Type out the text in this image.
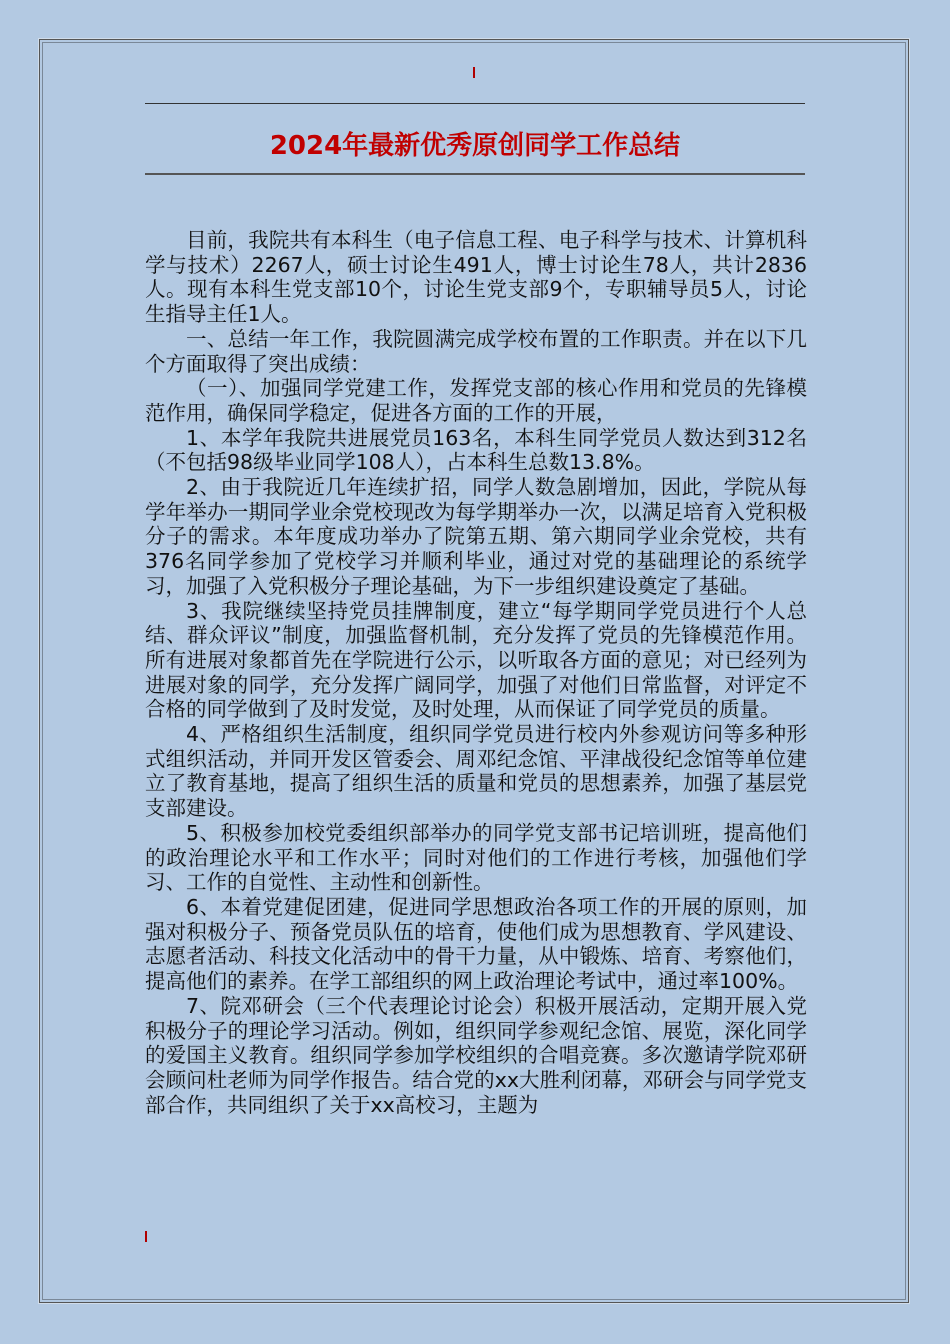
2024年最新优秀原创同学工作总结

目前，我院共有本科生（电子信息工程、电子科学与技术、计算机科学与技术）2267人，硕士讨论生491人，博士讨论生78人，共计2836人。现有本科生党支部10个，讨论生党支部9个，专职辅导员5人，讨论生指导主任1人。

一、总结一年工作，我院圆满完成学校布置的工作职责。并在以下几个方面取得了突出成绩：

（一）、加强同学党建工作，发挥党支部的核心作用和党员的先锋模范作用，确保同学稳定，促进各方面的工作的开展，

1、本学年我院共进展党员163名，本科生同学党员人数达到312名（不包括98级毕业同学108人），占本科生总数13.8%。

2、由于我院近几年连续扩招，同学人数急剧增加，因此，学院从每学年举办一期同学业余党校现改为每学期举办一次，以满足培育入党积极分子的需求。本年度成功举办了院第五期、第六期同学业余党校，共有376名同学参加了党校学习并顺利毕业，通过对党的基础理论的系统学习，加强了入党积极分子理论基础，为下一步组织建设奠定了基础。

3、我院继续坚持党员挂牌制度，建立“每学期同学党员进行个人总结、群众评议”制度，加强监督机制，充分发挥了党员的先锋模范作用。所有进展对象都首先在学院进行公示，以听取各方面的意见；对已经列为进展对象的同学，充分发挥广阔同学，加强了对他们日常监督，对评定不合格的同学做到了及时发觉，及时处理，从而保证了同学党员的质量。

4、严格组织生活制度，组织同学党员进行校内外参观访问等多种形式组织活动，并同开发区管委会、周邓纪念馆、平津战役纪念馆等单位建立了教育基地，提高了组织生活的质量和党员的思想素养，加强了基层党支部建设。

5、积极参加校党委组织部举办的同学党支部书记培训班，提高他们的政治理论水平和工作水平；同时对他们的工作进行考核，加强他们学习、工作的自觉性、主动性和创新性。

6、本着党建促团建，促进同学思想政治各项工作的开展的原则，加强对积极分子、预备党员队伍的培育，使他们成为思想教育、学风建设、志愿者活动、科技文化活动中的骨干力量，从中锻炼、培育、考察他们，提高他们的素养。在学工部组织的网上政治理论考试中，通过率100%。

7、院邓研会（三个代表理论讨论会）积极开展活动，定期开展入党积极分子的理论学习活动。例如，组织同学参观纪念馆、展览，深化同学的爱国主义教育。组织同学参加学校组织的合唱竞赛。多次邀请学院邓研会顾问杜老师为同学作报告。结合党的xx大胜利闭幕，邓研会与同学党支部合作，共同组织了关于xx高校习，主题为
